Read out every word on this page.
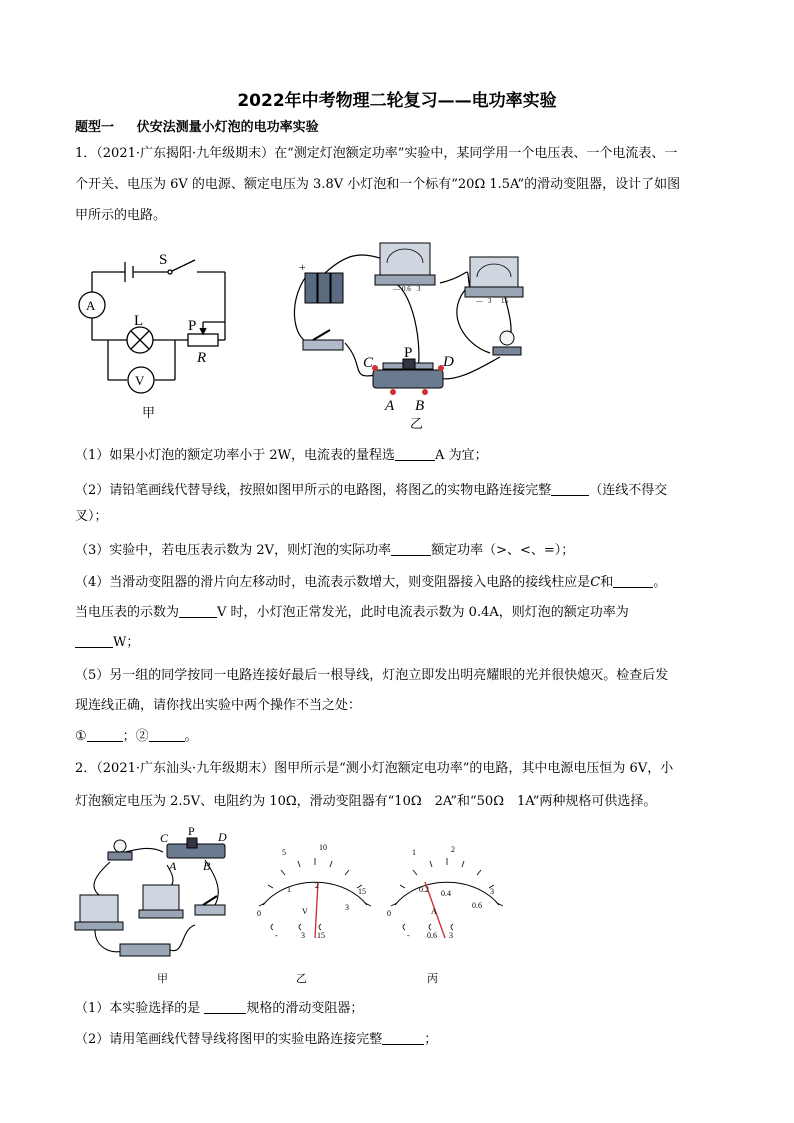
2022年中考物理二轮复习——电功率实验
题型一 伏安法测量小灯泡的电功率实验
1．（2021·广东揭阳·九年级期末）在“测定灯泡额定功率”实验中，某同学用一个电压表、一个电流表、一
个开关、电压为 6V 的电源、额定电压为 3.8V 小灯泡和一个标有“20Ω 1.5A”的滑动变阻器，设计了如图
甲所示的电路。
S
L	P
R
A
V
甲
+
— 0.6 3
— 3 15
C
P
D
A B
乙
（1）如果小灯泡的额定功率小于 2W，电流表的量程选	A 为宜；
（2）请铅笔画线代替导线，按照如图甲所示的电路图，将图乙的实物电路连接完整	（连线不得交
叉）；
（3）实验中，若电压表示数为 2V，则灯泡的实际功率	额定功率（>、<、=）；
（4）当滑动变阻器的滑片向左移动时，电流表示数增大，则变阻器接入电路的接线柱应是C和	。
当电压表的示数为	V 时，小灯泡正常发光，此时电流表示数为 0.4A，则灯泡的额定功率为
W；
（5）另一组的同学按同一电路连接好最后一根导线，灯泡立即发出明亮耀眼的光并很快熄灭。检查后发
现连线正确，请你找出实验中两个操作不当之处：
①	；②	。
2．（2021·广东汕头·九年级期末）图甲所示是“测小灯泡额定电功率”的电路，其中电源电压恒为 6V，小
灯泡额定电压为 2.5V、电阻约为 10Ω，滑动变阻器有“10Ω　2A”和“50Ω　1A”两种规格可供选择。
C P D
A B
甲
5
10
0
1	2
3
15
V
-	3 15
乙
1	2
0
0.2 0.4
0.6
3
A
- 0.6 3
丙
（1）本实验选择的是	规格的滑动变阻器；
（2）请用笔画线代替导线将图甲的实验电路连接完整	；
